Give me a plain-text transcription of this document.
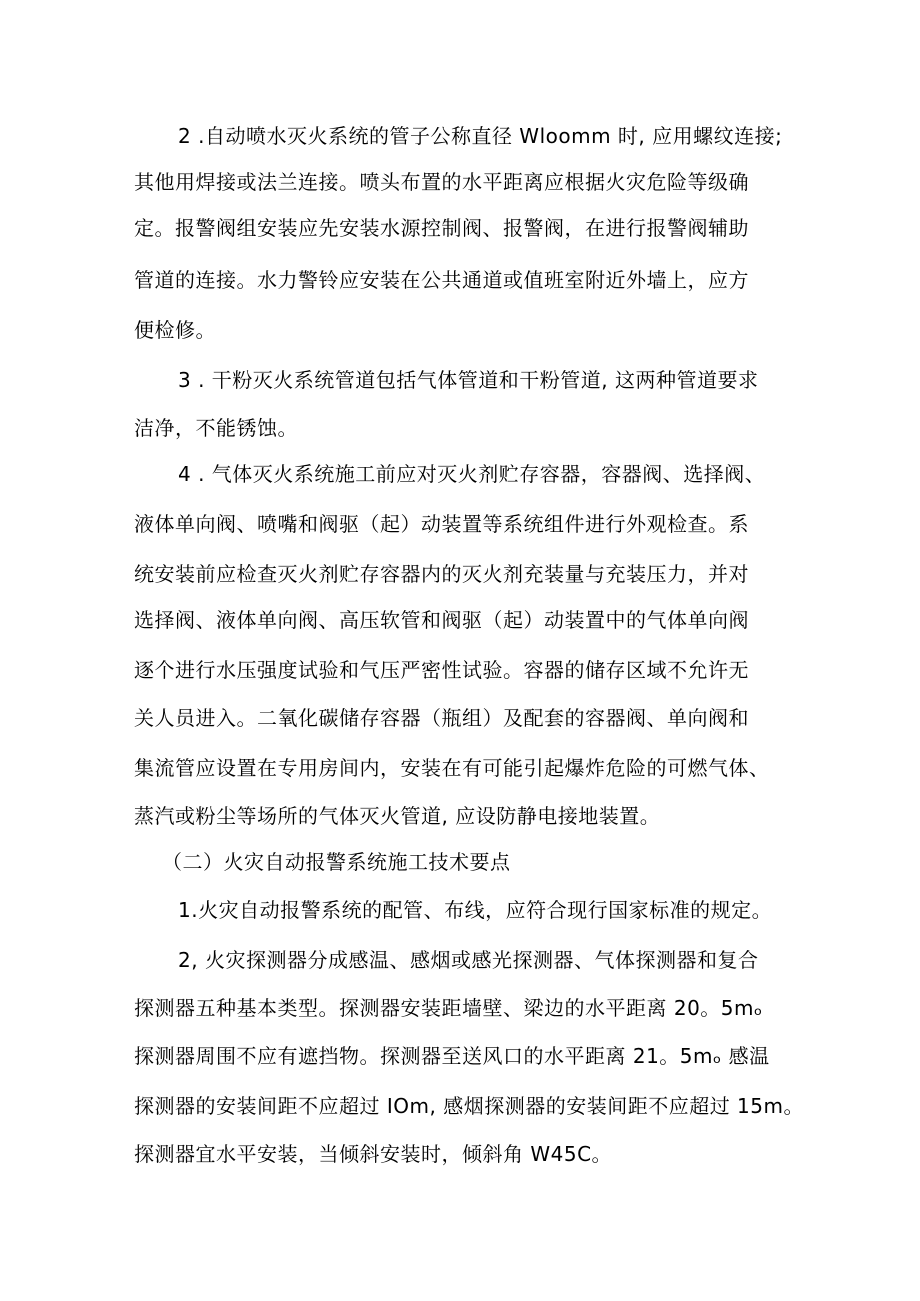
2 .自动喷水灭火系统的管子公称直径 Wloomm 时, 应用螺纹连接;

其他用焊接或法兰连接。喷头布置的水平距离应根据火灾危险等级确

定。报警阀组安装应先安装水源控制阀、报警阀，在进行报警阀辅助

管道的连接。水力警铃应安装在公共通道或值班室附近外墙上，应方

便检修。

3 . 干粉灭火系统管道包括气体管道和干粉管道, 这两种管道要求

洁净，不能锈蚀。

4 . 气体灭火系统施工前应对灭火剂贮存容器，容器阀、选择阀、

液体单向阀、喷嘴和阀驱（起）动装置等系统组件进行外观检查。系

统安装前应检查灭火剂贮存容器内的灭火剂充装量与充装压力，并对

选择阀、液体单向阀、高压软管和阀驱（起）动装置中的气体单向阀

逐个进行水压强度试验和气压严密性试验。容器的储存区域不允许无

关人员进入。二氧化碳储存容器（瓶组）及配套的容器阀、单向阀和

集流管应设置在专用房间内，安装在有可能引起爆炸危险的可燃气体、

蒸汽或粉尘等场所的气体灭火管道, 应设防静电接地装置。

（二）火灾自动报警系统施工技术要点

1.火灾自动报警系统的配管、布线，应符合现行国家标准的规定。

2, 火灾探测器分成感温、感烟或感光探测器、气体探测器和复合

探测器五种基本类型。探测器安装距墙壁、梁边的水平距离 20。5mₒ

探测器周围不应有遮挡物。探测器至送风口的水平距离 21。5mₒ 感温

探测器的安装间距不应超过 IOm, 感烟探测器的安装间距不应超过 15m。

探测器宜水平安装，当倾斜安装时，倾斜角 W45C。
